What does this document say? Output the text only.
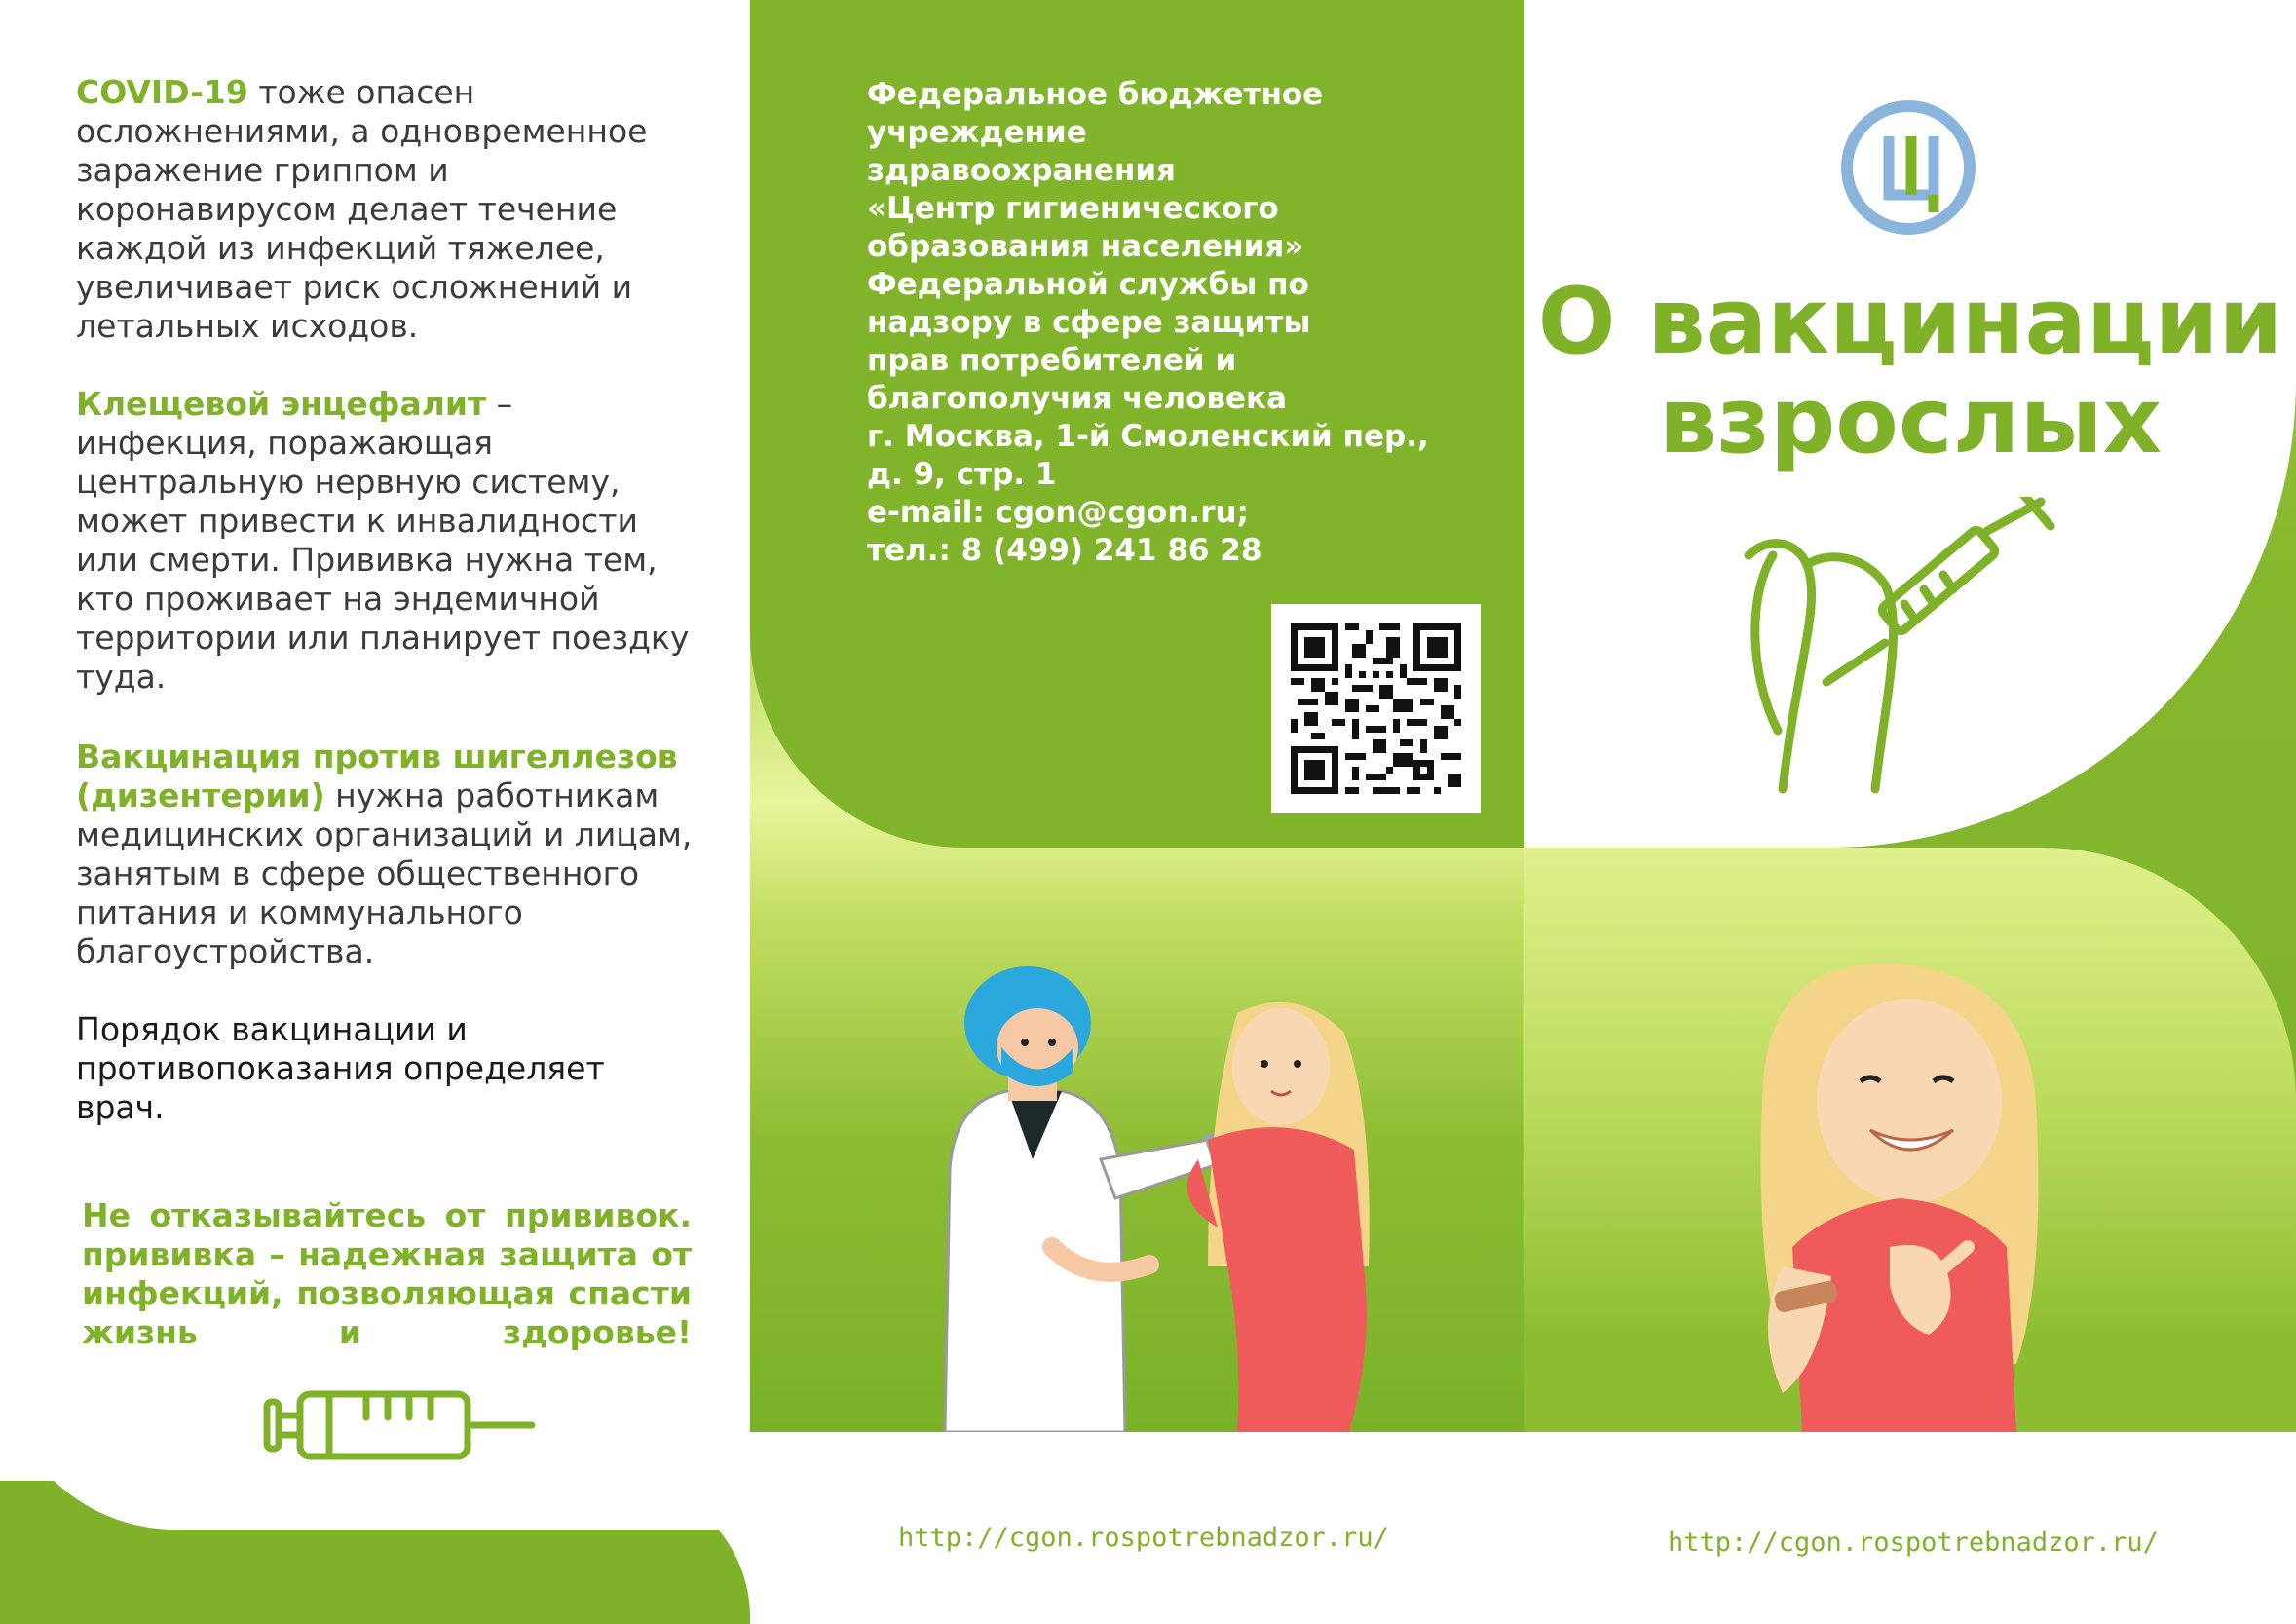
COVID-19 тоже опасен осложнениями, а одновременное заражение гриппом и коронавирусом делает течение каждой из инфекций тяжелее, увеличивает риск осложнений и летальных исходов.

Клещевой энцефалит – инфекция, поражающая центральную нервную систему, может привести к инвалидности или смерти. Прививка нужна тем, кто проживает на эндемичной территории или планирует поездку туда.

Вакцинация против шигеллезов (дизентерии) нужна работникам медицинских организаций и лицам, занятым в сфере общественного питания и коммунального благоустройства.

Порядок вакцинации и противопоказания определяет врач.

Не отказывайтесь от прививок. прививка – надежная защита от инфекций, позволяющая спасти жизнь и здоровье!

Федеральное бюджетное
учреждение
здравоохранения
«Центр гигиенического
образования населения»
Федеральной службы по
надзору в сфере защиты
прав потребителей и
благополучия человека
г. Москва, 1-й Смоленский пер.,
д. 9, стр. 1
e-mail: cgon@cgon.ru;
тел.: 8 (499) 241 86 28

О вакцинации
взрослых

http://cgon.rospotrebnadzor.ru/	http://cgon.rospotrebnadzor.ru/
